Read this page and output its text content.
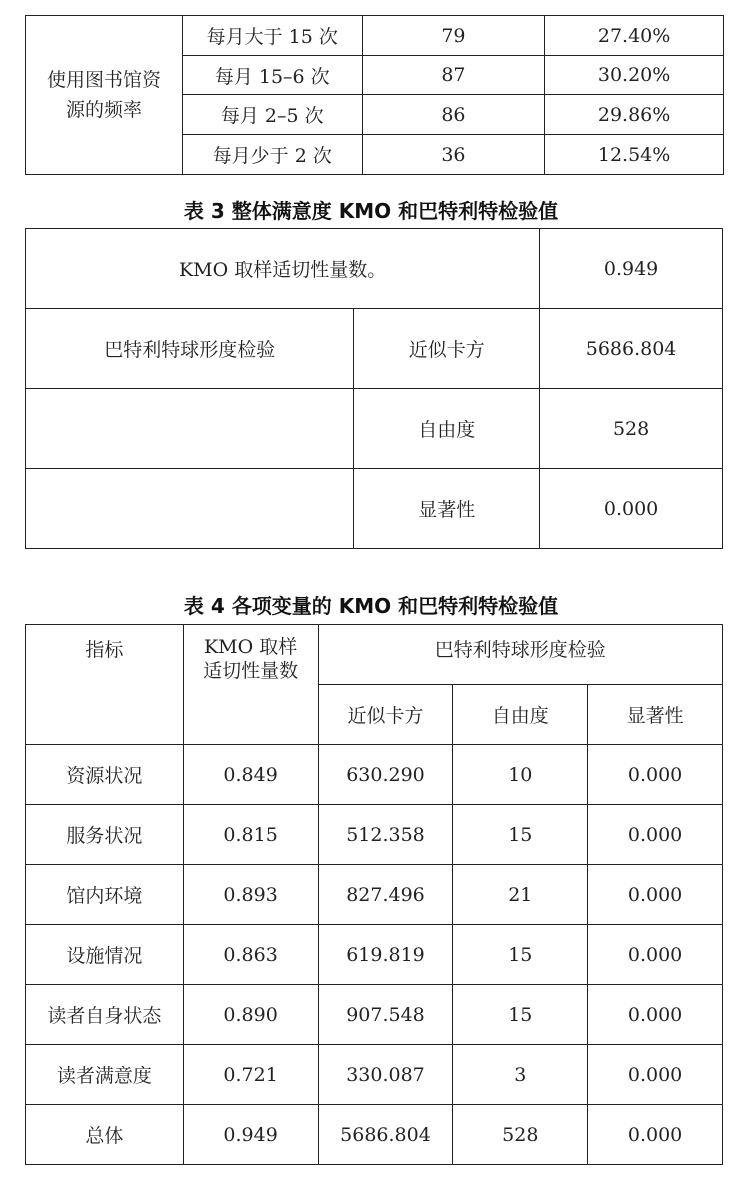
使用图书馆资源的频率	每月大于 15 次	79	27.40%
	每月 15–6 次	87	30.20%
	每月 2–5 次	86	29.86%
	每月少于 2 次	36	12.54%
表 3 整体满意度 KMO 和巴特利特检验值
KMO 取样适切性量数。		0.949
巴特利特球形度检验	近似卡方	5686.804
	自由度	528
	显著性	0.000
表 4 各项变量的 KMO 和巴特利特检验值
指标	KMO 取样适切性量数	巴特利特球形度检验		
		近似卡方	自由度	显著性
资源状况	0.849	630.290	10	0.000
服务状况	0.815	512.358	15	0.000
馆内环境	0.893	827.496	21	0.000
设施情况	0.863	619.819	15	0.000
读者自身状态	0.890	907.548	15	0.000
读者满意度	0.721	330.087	3	0.000
总体	0.949	5686.804	528	0.000
